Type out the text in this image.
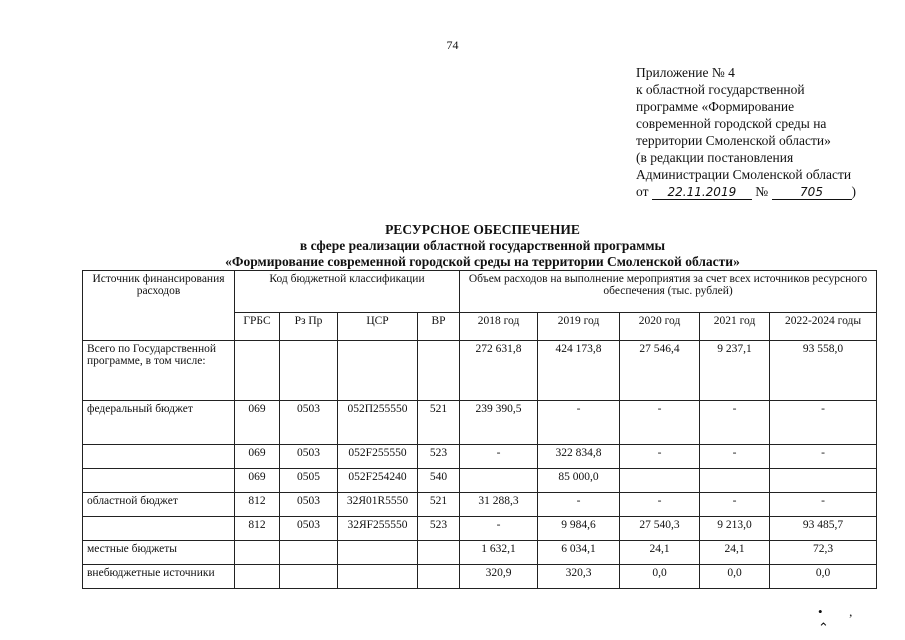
74
Приложение № 4
к областной государственной
программе «Формирование
современной городской среды на
территории Смоленской области»
(в редакции постановления
Администрации Смоленской области
от 22.11.2019 №	705 )
РЕСУРСНОЕ ОБЕСПЕЧЕНИЕ
в сфере реализации областной государственной программы
«Формирование современной городской среды на территории Смоленской области»
Источник финансирования расходов	Код бюджетной классификации				Объем расходов на выполнение мероприятия за счет всех источников ресурсного обеспечения (тыс. рублей)				
	ГРБС	Рз Пр	ЦСР	ВР	2018 год	2019 год	2020 год	2021 год	2022-2024 годы
Всего по Государственной программе, в том числе:					272 631,8	424 173,8	27 546,4	9 237,1	93 558,0
федеральный бюджет	069	0503	052П255550	521	239 390,5	-	-	-	-
	069	0503	052F255550	523	-	322 834,8	-	-	-
	069	0505	052F254240	540		85 000,0			
областной бюджет	812	0503	32Я01R5550	521	31 288,3	-	-	-	-
	812	0503	32ЯF255550	523	-	9 984,6	27 540,3	9 213,0	93 485,7
местные бюджеты					1 632,1	6 034,1	24,1	24,1	72,3
внебюджетные источники					320,9	320,3	0,0	0,0	0,0
•‚ ⌃
